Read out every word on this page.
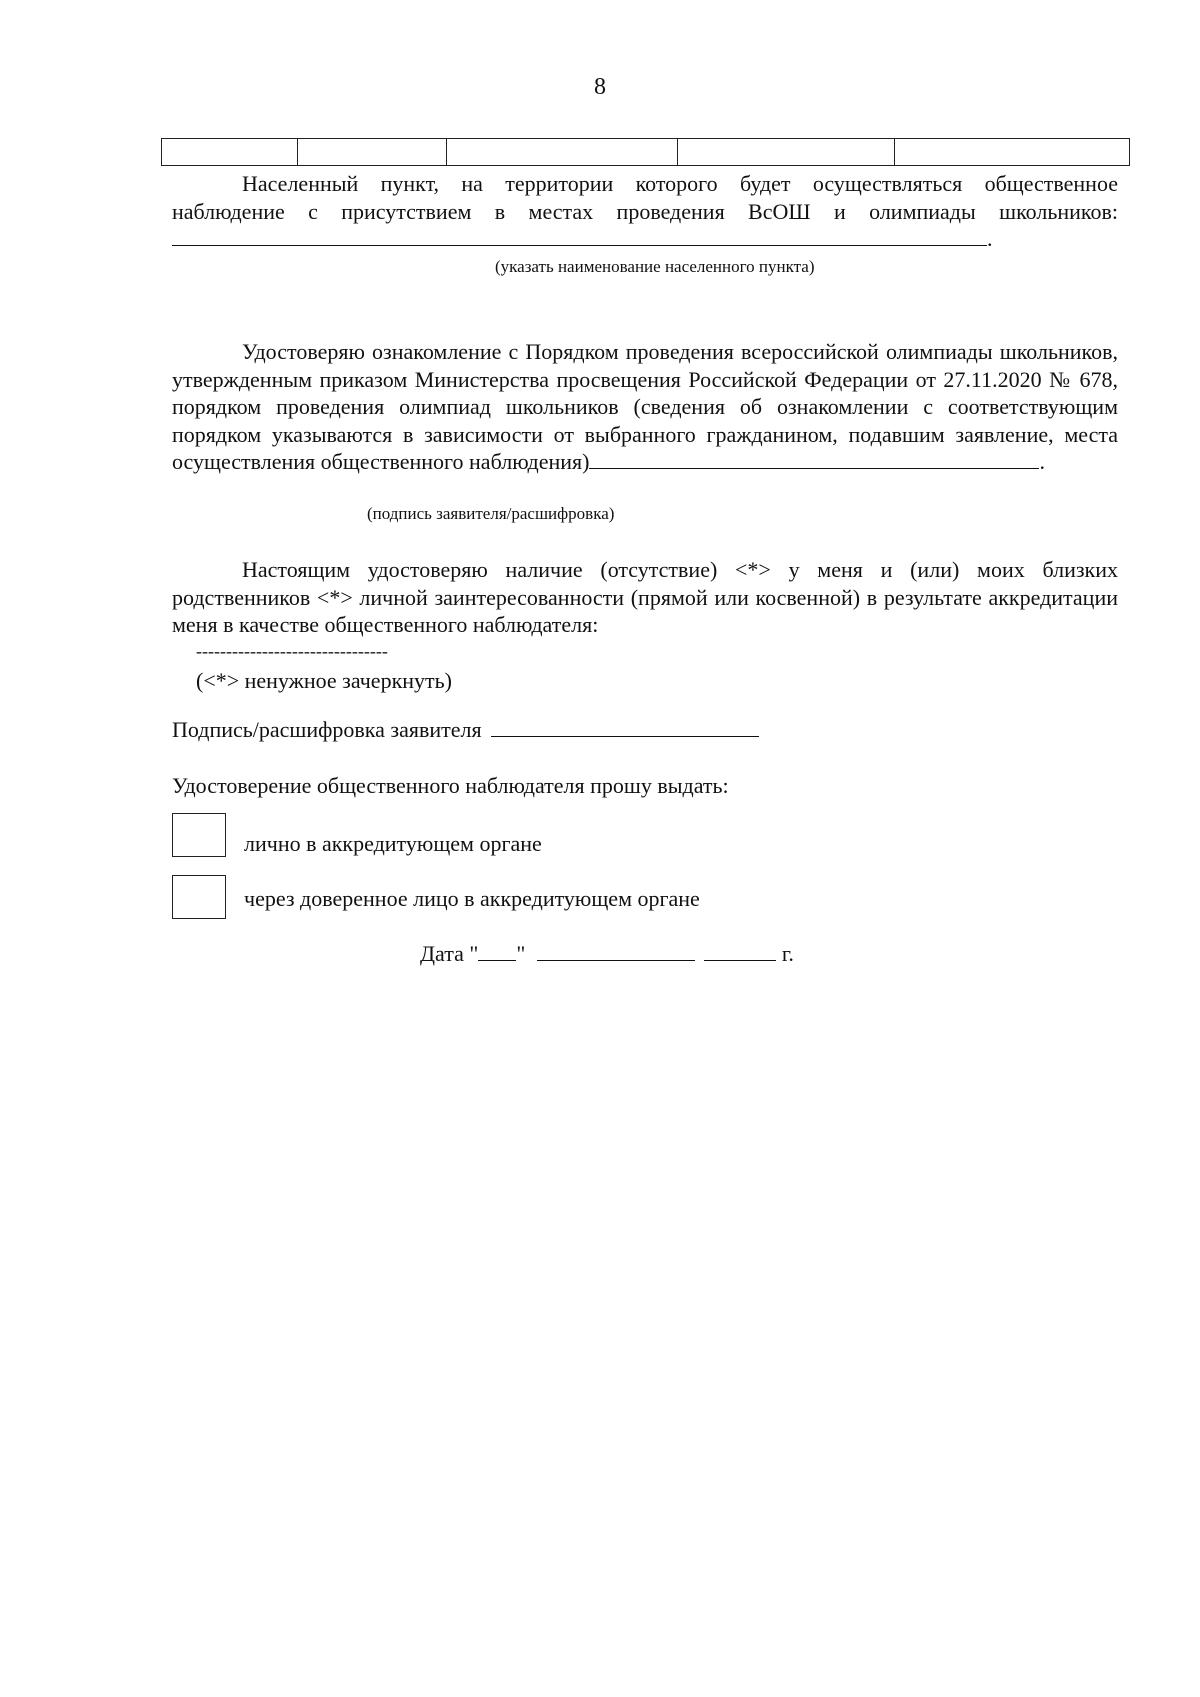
8

Населенный пункт, на территории которого будет осуществляться общественное наблюдение с присутствием в местах проведения ВсОШ и олимпиады школьников:.
(указать наименование населенного пункта)
Удостоверяю ознакомление с Порядком проведения всероссийской олимпиады школьников, утвержденным приказом Министерства просвещения Российской Федерации от 27.11.2020 № 678, порядком проведения олимпиад школьников (сведения об ознакомлении с соответствующим порядком указываются в зависимости от выбранного гражданином, подавшим заявление, места осуществления общественного наблюдения)	.
(подпись заявителя/расшифровка)
Настоящим удостоверяю наличие (отсутствие) <*> у меня и (или) моих близких родственников <*> личной заинтересованности (прямой или косвенной) в результате аккредитации меня в качестве общественного наблюдателя:
--------------------------------
(<*> ненужное зачеркнуть)
Подпись/расшифровка заявителя
Удостоверение общественного наблюдателя прошу выдать:
лично в аккредитующем органе
через доверенное лицо в аккредитующем органе
Дата " "	г.
